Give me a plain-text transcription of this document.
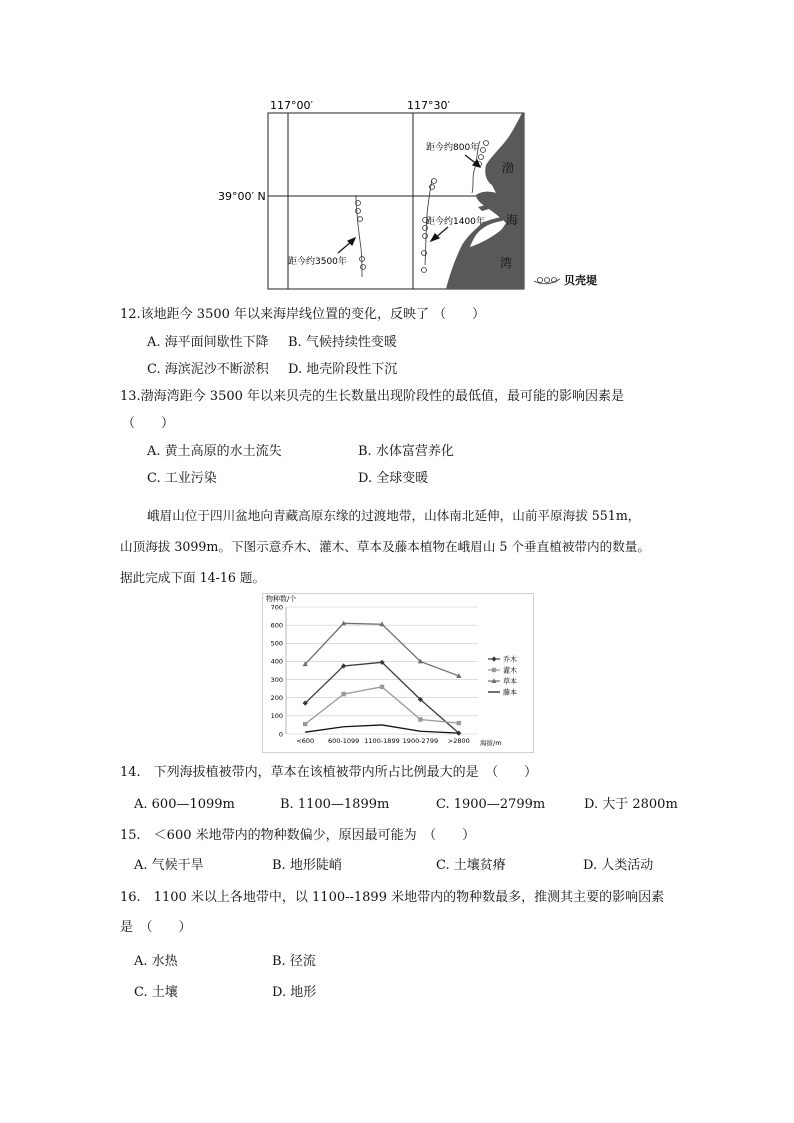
117°00′	117°30′
39°00′ N
距今约800年
距今约1400年
距今约3500年
渤
海
湾
贝壳堤
12.该地距今 3500 年以来海岸线位置的变化，反映了 （　　）
A. 海平面间歇性下降 B. 气候持续性变暖
C. 海滨泥沙不断淤积 D. 地壳阶段性下沉
13.渤海湾距今 3500 年以来贝壳的生长数量出现阶段性的最低值，最可能的影响因素是
（　　）
A. 黄土高原的水土流失	B. 水体富营养化
C. 工业污染	D. 全球变暖
峨眉山位于四川盆地向青藏高原东缘的过渡地带，山体南北延伸，山前平原海拔 551m，
山顶海拔 3099m。下图示意乔木、灌木、草本及藤本植物在峨眉山 5 个垂直植被带内的数量。
据此完成下面 14-16 题。
物种数/个
海拔/m
0
100
200
300
400
500
600
700
<600 600-1099 1100-1899 1900-2799 >2800
乔木
灌木
草本
藤本
14.　下列海拔植被带内，草本在该植被带内所占比例最大的是　（　　）
A. 600—1099m	B. 1100—1899m	C. 1900—2799m	D. 大于 2800m
15.　＜600 米地带内的物种数偏少，原因最可能为　（　　）
A. 气候干旱	B. 地形陡峭	C. 土壤贫瘠	D. 人类活动
16.　1100 米以上各地带中，以 1100--1899 米地带内的物种数最多，推测其主要的影响因素
是　（　　）
A. 水热	B. 径流
C. 土壤	D. 地形
